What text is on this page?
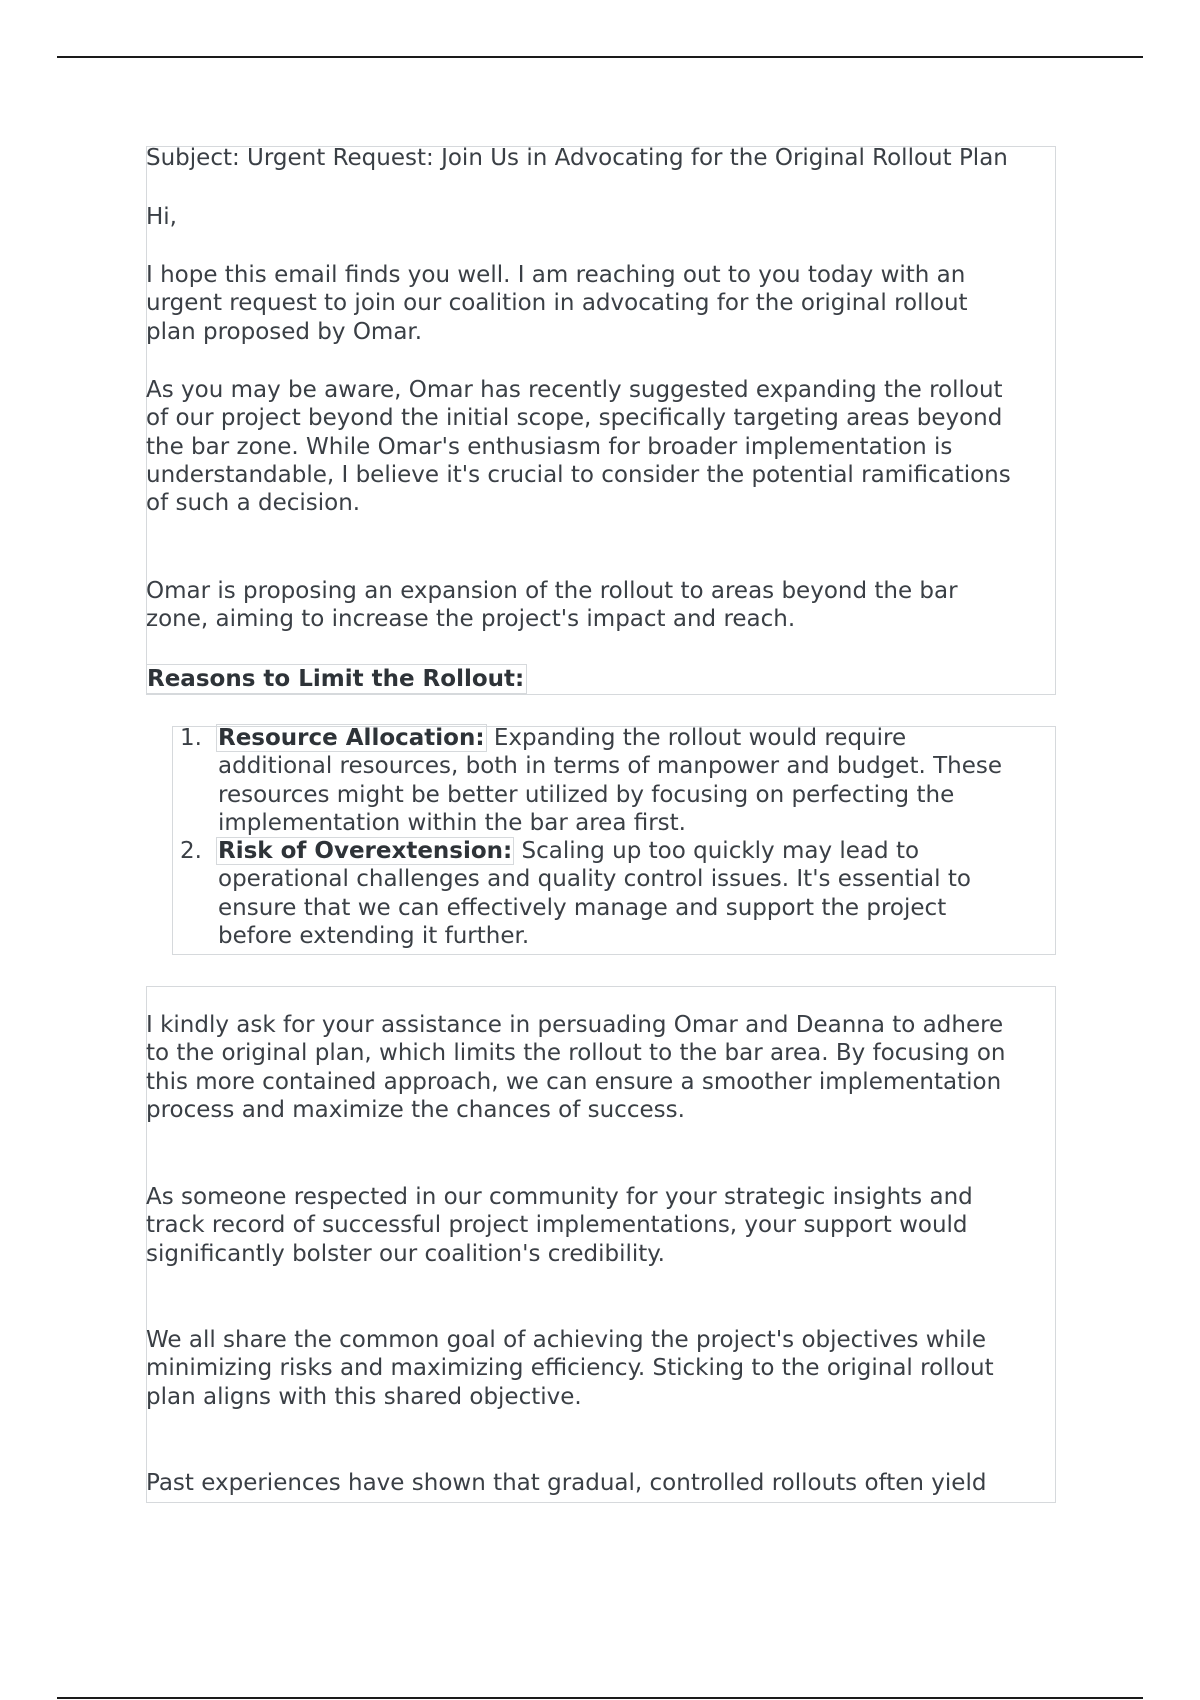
Subject: Urgent Request: Join Us in Advocating for the Original Rollout Plan

Hi,

I hope this email finds you well. I am reaching out to you today with an
urgent request to join our coalition in advocating for the original rollout
plan proposed by Omar.

As you may be aware, Omar has recently suggested expanding the rollout
of our project beyond the initial scope, specifically targeting areas beyond
the bar zone. While Omar's enthusiasm for broader implementation is
understandable, I believe it's crucial to consider the potential ramifications
of such a decision.

Omar is proposing an expansion of the rollout to areas beyond the bar
zone, aiming to increase the project's impact and reach.

Reasons to Limit the Rollout:
1. Resource Allocation: Expanding the rollout would require
additional resources, both in terms of manpower and budget. These
resources might be better utilized by focusing on perfecting the
implementation within the bar area first.
2. Risk of Overextension: Scaling up too quickly may lead to
operational challenges and quality control issues. It's essential to
ensure that we can effectively manage and support the project
before extending it further.

I kindly ask for your assistance in persuading Omar and Deanna to adhere
to the original plan, which limits the rollout to the bar area. By focusing on
this more contained approach, we can ensure a smoother implementation
process and maximize the chances of success.

As someone respected in our community for your strategic insights and
track record of successful project implementations, your support would
significantly bolster our coalition's credibility.

We all share the common goal of achieving the project's objectives while
minimizing risks and maximizing efficiency. Sticking to the original rollout
plan aligns with this shared objective.

Past experiences have shown that gradual, controlled rollouts often yield
